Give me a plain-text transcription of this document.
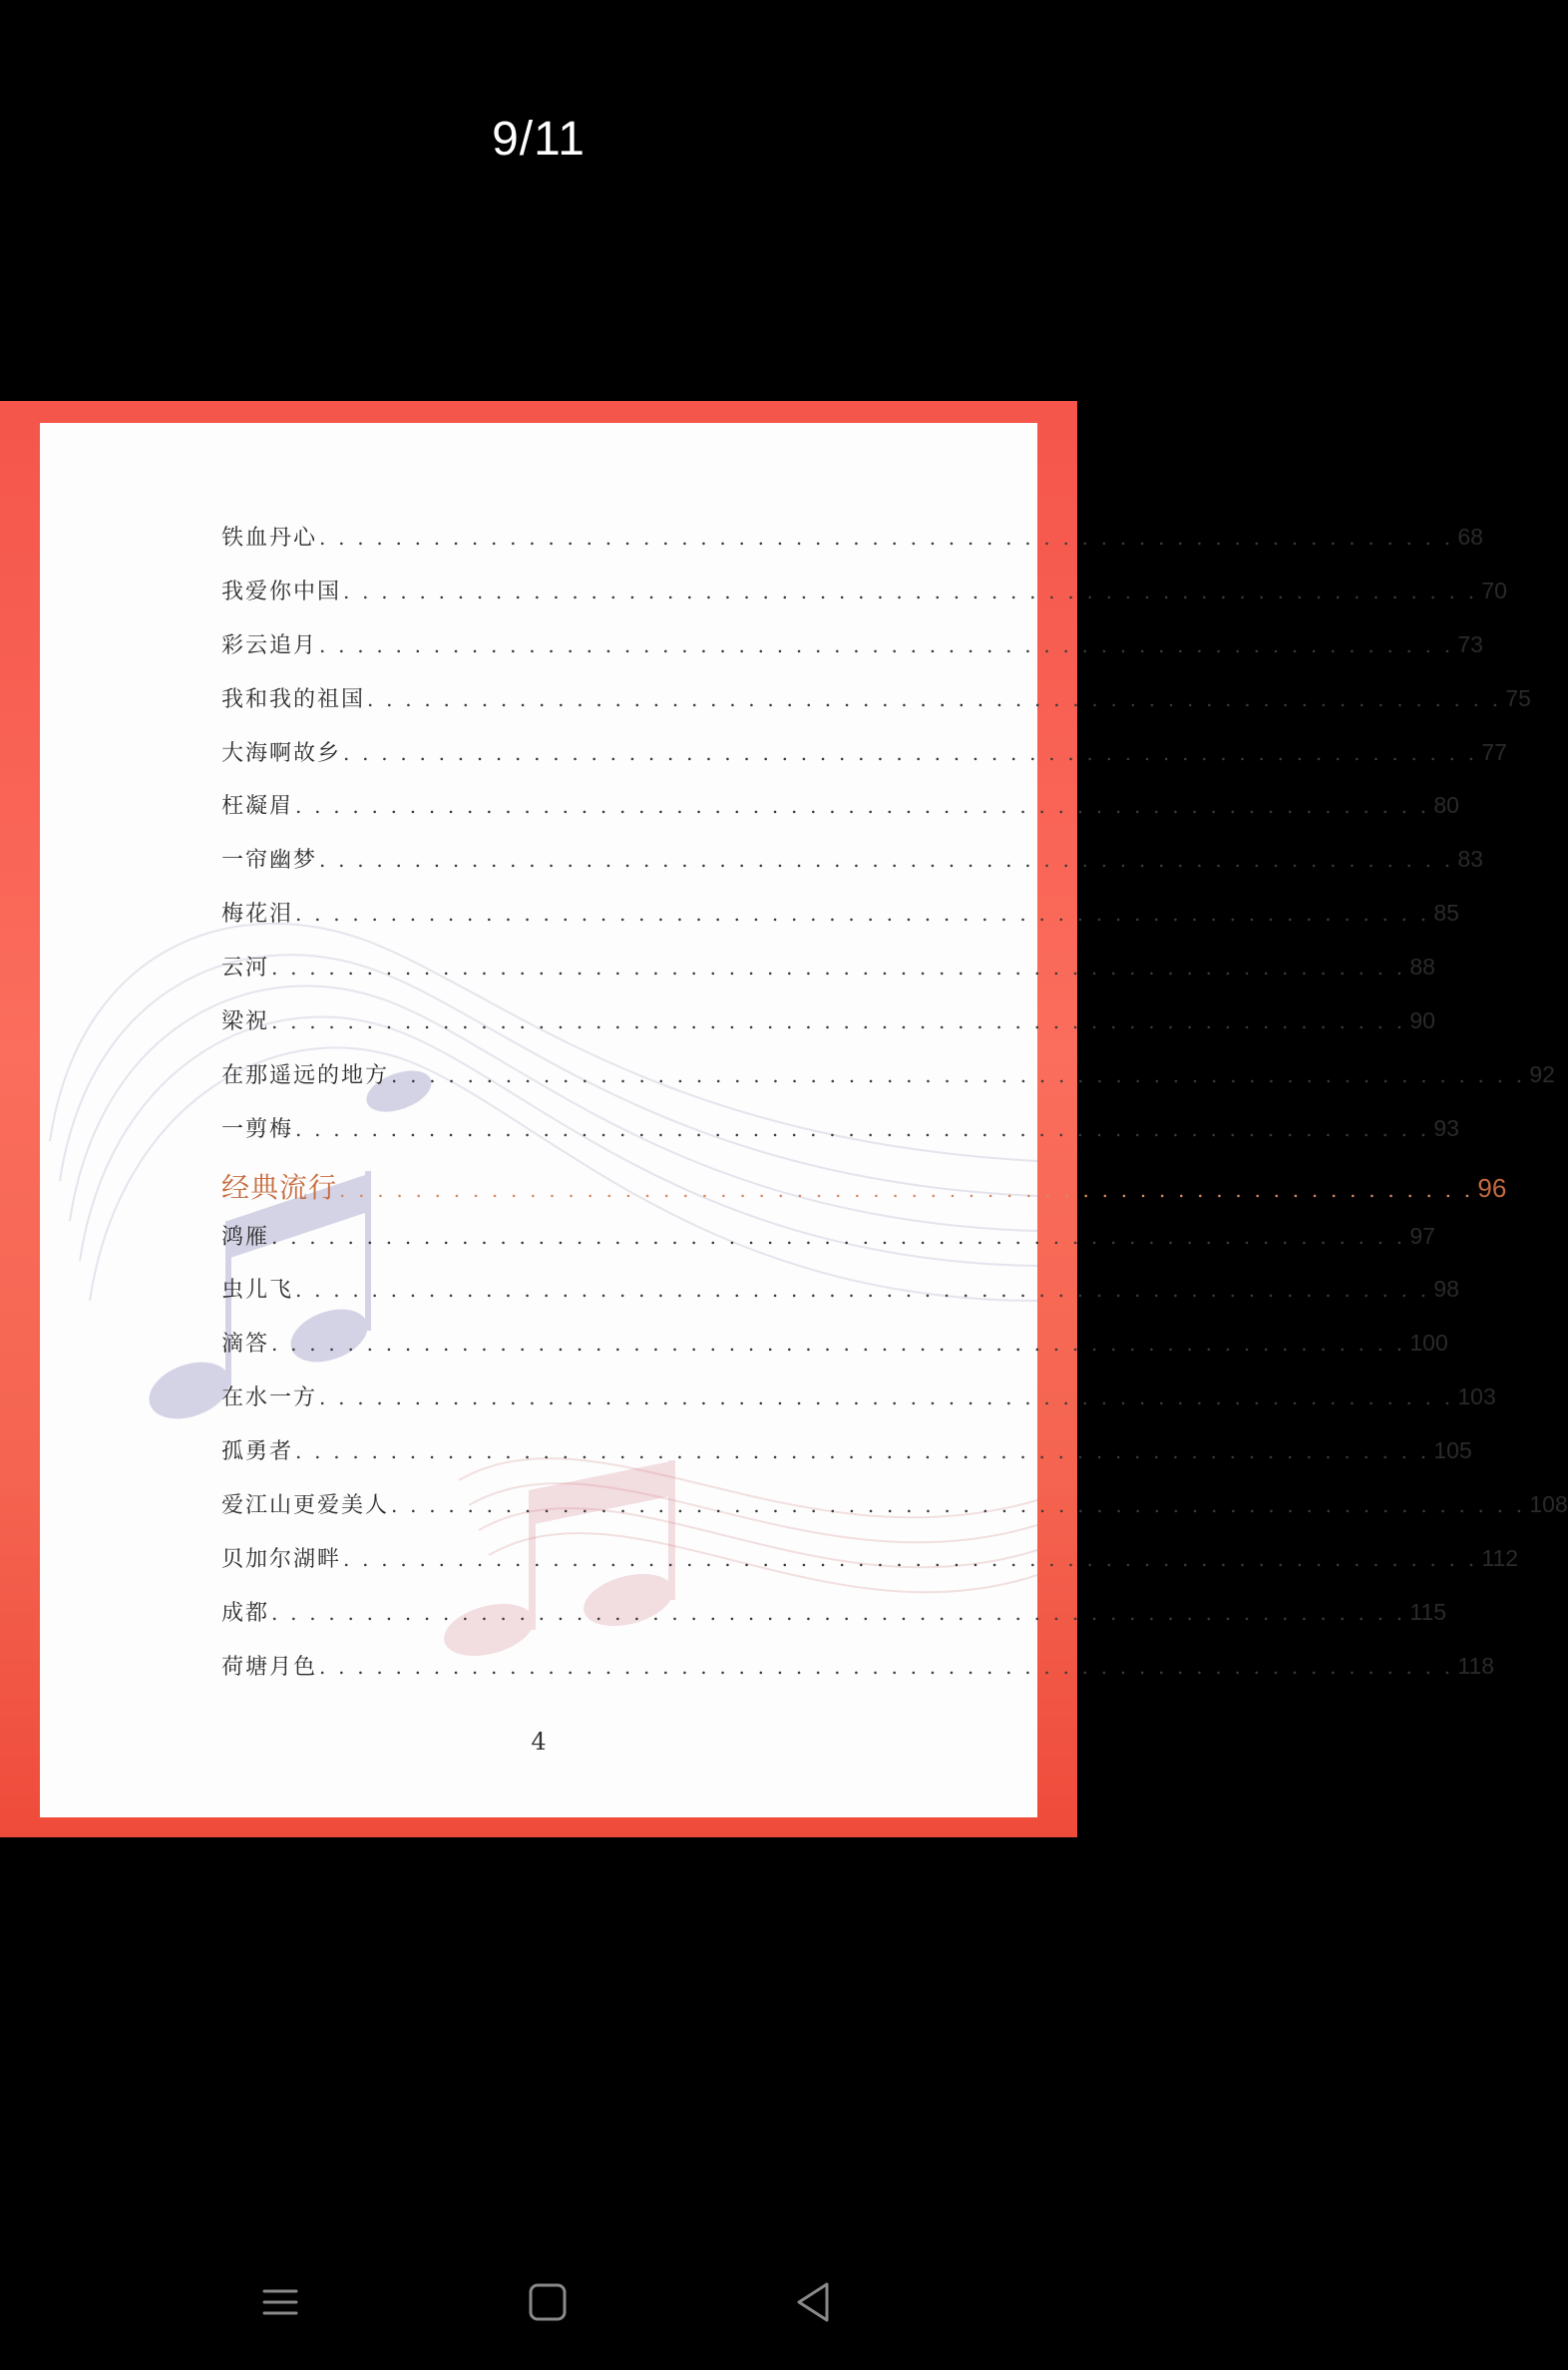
9/11
铁血丹心 . . . . . . . . . . . . . . . . . . . . . . . . . . . . . . . . . . . . . . . . . . . . . . . . . . . . . . . . . . . . 68
我爱你中国 . . . . . . . . . . . . . . . . . . . . . . . . . . . . . . . . . . . . . . . . . . . . . . . . . . . . . . . . . . . . 70
彩云追月 . . . . . . . . . . . . . . . . . . . . . . . . . . . . . . . . . . . . . . . . . . . . . . . . . . . . . . . . . . . . 73
我和我的祖国 . . . . . . . . . . . . . . . . . . . . . . . . . . . . . . . . . . . . . . . . . . . . . . . . . . . . . . . . . . . . 75
大海啊故乡 . . . . . . . . . . . . . . . . . . . . . . . . . . . . . . . . . . . . . . . . . . . . . . . . . . . . . . . . . . . . 77
枉凝眉 . . . . . . . . . . . . . . . . . . . . . . . . . . . . . . . . . . . . . . . . . . . . . . . . . . . . . . . . . . . . 80
一帘幽梦 . . . . . . . . . . . . . . . . . . . . . . . . . . . . . . . . . . . . . . . . . . . . . . . . . . . . . . . . . . . . 83
梅花泪 . . . . . . . . . . . . . . . . . . . . . . . . . . . . . . . . . . . . . . . . . . . . . . . . . . . . . . . . . . . . 85
云河 . . . . . . . . . . . . . . . . . . . . . . . . . . . . . . . . . . . . . . . . . . . . . . . . . . . . . . . . . . . . 88
梁祝 . . . . . . . . . . . . . . . . . . . . . . . . . . . . . . . . . . . . . . . . . . . . . . . . . . . . . . . . . . . . 90
在那遥远的地方 . . . . . . . . . . . . . . . . . . . . . . . . . . . . . . . . . . . . . . . . . . . . . . . . . . . . . . . . . . . . 92
一剪梅 . . . . . . . . . . . . . . . . . . . . . . . . . . . . . . . . . . . . . . . . . . . . . . . . . . . . . . . . . . . . 93
经典流行 . . . . . . . . . . . . . . . . . . . . . . . . . . . . . . . . . . . . . . . . . . . . . . . . . . . . . . . . . . . . 96
鸿雁 . . . . . . . . . . . . . . . . . . . . . . . . . . . . . . . . . . . . . . . . . . . . . . . . . . . . . . . . . . . . 97
虫儿飞 . . . . . . . . . . . . . . . . . . . . . . . . . . . . . . . . . . . . . . . . . . . . . . . . . . . . . . . . . . . . 98
滴答 . . . . . . . . . . . . . . . . . . . . . . . . . . . . . . . . . . . . . . . . . . . . . . . . . . . . . . . . . . . . 100
在水一方 . . . . . . . . . . . . . . . . . . . . . . . . . . . . . . . . . . . . . . . . . . . . . . . . . . . . . . . . . . . . 103
孤勇者 . . . . . . . . . . . . . . . . . . . . . . . . . . . . . . . . . . . . . . . . . . . . . . . . . . . . . . . . . . . . 105
爱江山更爱美人 . . . . . . . . . . . . . . . . . . . . . . . . . . . . . . . . . . . . . . . . . . . . . . . . . . . . . . . . . . . . 108
贝加尔湖畔 . . . . . . . . . . . . . . . . . . . . . . . . . . . . . . . . . . . . . . . . . . . . . . . . . . . . . . . . . . . . 112
成都 . . . . . . . . . . . . . . . . . . . . . . . . . . . . . . . . . . . . . . . . . . . . . . . . . . . . . . . . . . . . 115
荷塘月色 . . . . . . . . . . . . . . . . . . . . . . . . . . . . . . . . . . . . . . . . . . . . . . . . . . . . . . . . . . . . 118
4
